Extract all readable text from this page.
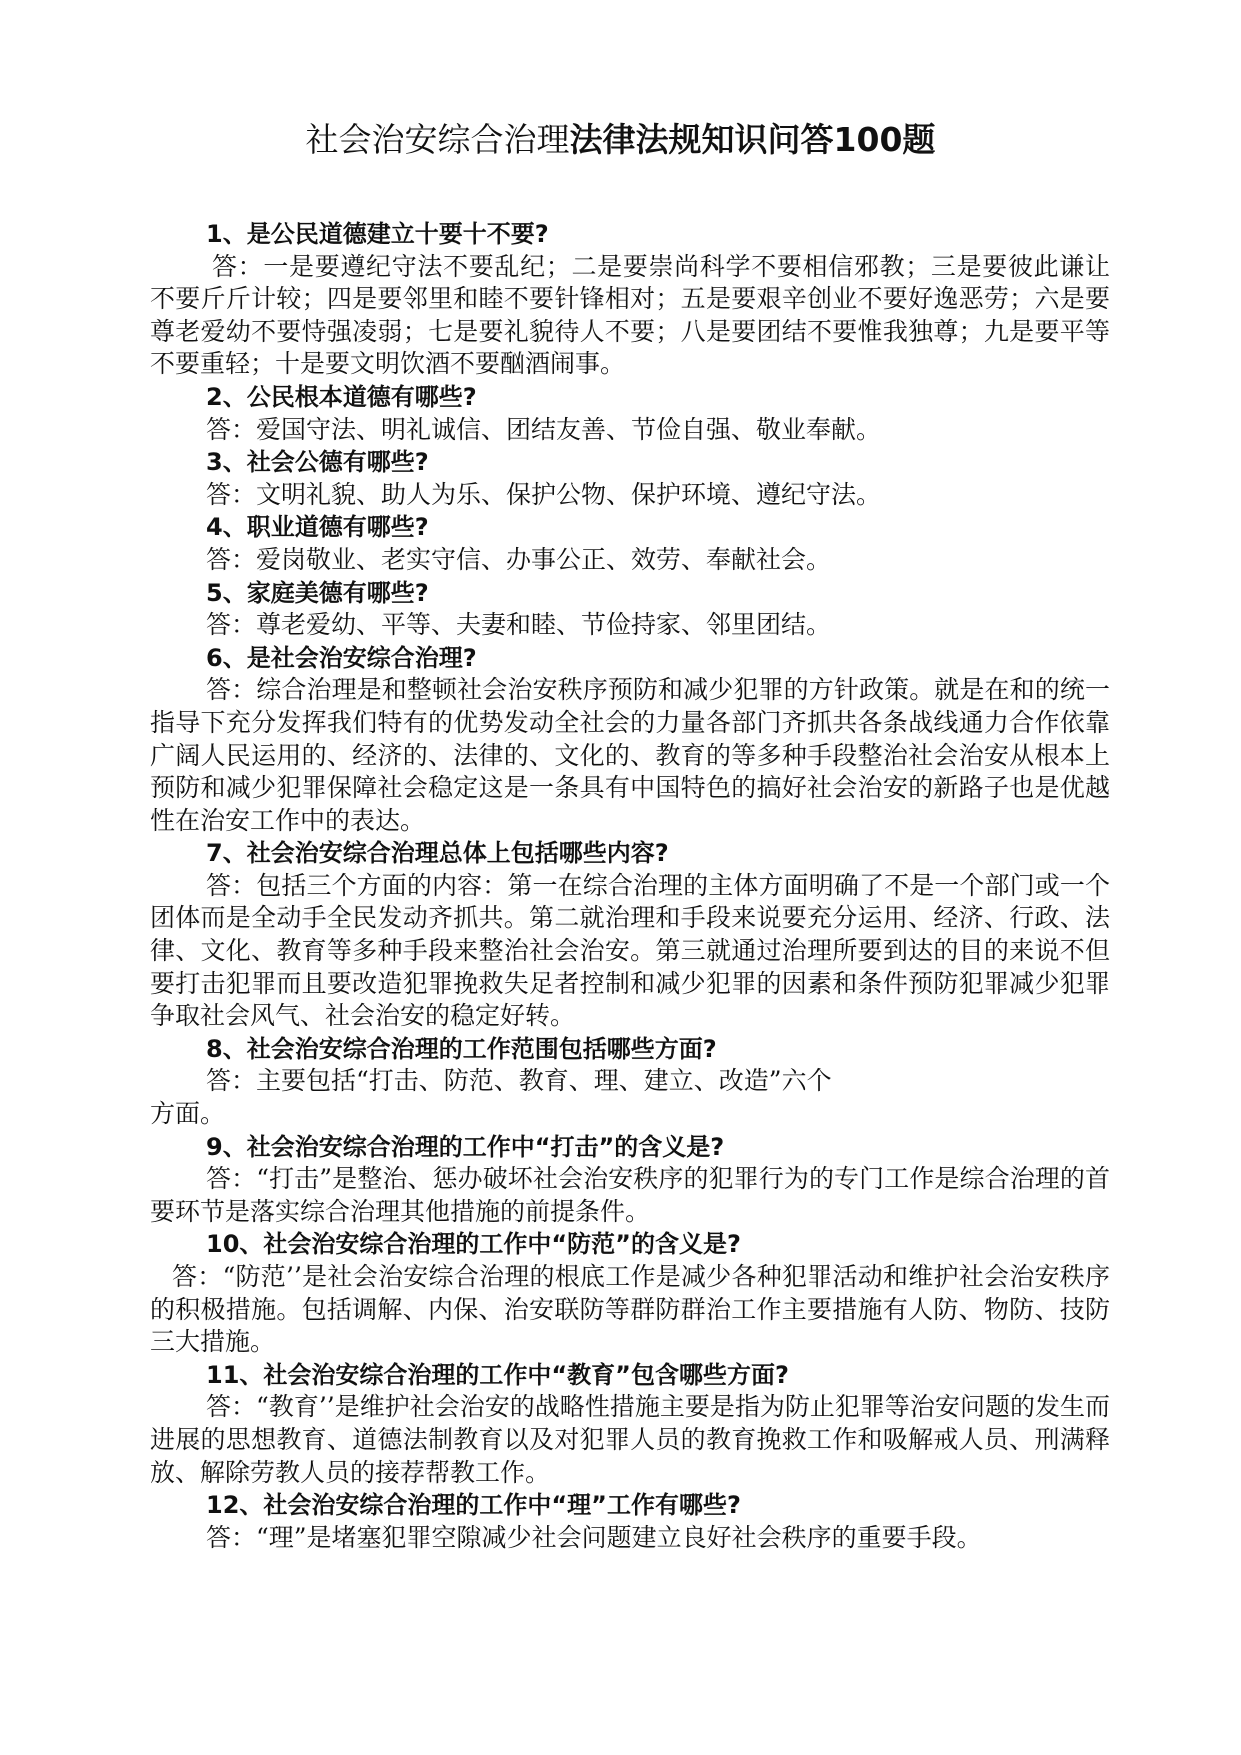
社会治安综合治理法律法规知识问答100题
1、是公民道德建立十要十不要?
答：一是要遵纪守法不要乱纪；二是要崇尚科学不要相信邪教；三是要彼此谦让不要斤斤计较；四是要邻里和睦不要针锋相对；五是要艰辛创业不要好逸恶劳；六是要尊老爱幼不要恃强凌弱；七是要礼貌待人不要；八是要团结不要惟我独尊；九是要平等不要重轻；十是要文明饮酒不要酗酒闹事。
2、公民根本道德有哪些?
答：爱国守法、明礼诚信、团结友善、节俭自强、敬业奉献。
3、社会公德有哪些?
答：文明礼貌、助人为乐、保护公物、保护环境、遵纪守法。
4、职业道德有哪些?
答：爱岗敬业、老实守信、办事公正、效劳、奉献社会。
5、家庭美德有哪些?
答：尊老爱幼、平等、夫妻和睦、节俭持家、邻里团结。
6、是社会治安综合治理?
答：综合治理是和整顿社会治安秩序预防和减少犯罪的方针政策。就是在和的统一指导下充分发挥我们特有的优势发动全社会的力量各部门齐抓共各条战线通力合作依靠广阔人民运用的、经济的、法律的、文化的、教育的等多种手段整治社会治安从根本上预防和减少犯罪保障社会稳定这是一条具有中国特色的搞好社会治安的新路子也是优越性在治安工作中的表达。
7、社会治安综合治理总体上包括哪些内容?
答：包括三个方面的内容：第一在综合治理的主体方面明确了不是一个部门或一个团体而是全动手全民发动齐抓共。第二就治理和手段来说要充分运用、经济、行政、法律、文化、教育等多种手段来整治社会治安。第三就通过治理所要到达的目的来说不但要打击犯罪而且要改造犯罪挽救失足者控制和减少犯罪的因素和条件预防犯罪减少犯罪争取社会风气、社会治安的稳定好转。
8、社会治安综合治理的工作范围包括哪些方面?
答：主要包括“打击、防范、教育、理、建立、改造”六个
方面。
9、社会治安综合治理的工作中“打击”的含义是?
答：“打击”是整治、惩办破坏社会治安秩序的犯罪行为的专门工作是综合治理的首要环节是落实综合治理其他措施的前提条件。
10、社会治安综合治理的工作中“防范”的含义是?
答：“防范’’是社会治安综合治理的根底工作是减少各种犯罪活动和维护社会治安秩序的积极措施。包括调解、内保、治安联防等群防群治工作主要措施有人防、物防、技防三大措施。
11、社会治安综合治理的工作中“教育”包含哪些方面?
答：“教育’’是维护社会治安的战略性措施主要是指为防止犯罪等治安问题的发生而进展的思想教育、道德法制教育以及对犯罪人员的教育挽救工作和吸解戒人员、刑满释放、解除劳教人员的接荐帮教工作。
12、社会治安综合治理的工作中“理”工作有哪些?
答：“理”是堵塞犯罪空隙减少社会问题建立良好社会秩序的重要手段。
